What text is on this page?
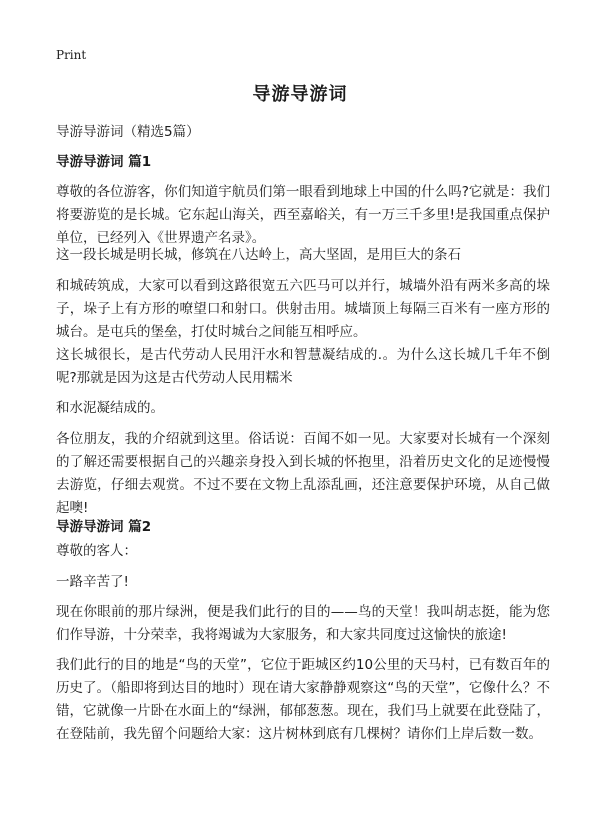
Print
导游导游词
导游导游词（精选5篇）
导游导游词 篇1
尊敬的各位游客，你们知道宇航员们第一眼看到地球上中国的什么吗?它就是：我们将要游览的是长城。它东起山海关，西至嘉峪关，有一万三千多里!是我国重点保护单位，已经列入《世界遗产名录》。
这一段长城是明长城，修筑在八达岭上，高大坚固，是用巨大的条石
和城砖筑成，大家可以看到这路很宽五六匹马可以并行，城墙外沿有两米多高的垛子，垛子上有方形的嘹望口和射口。供射击用。城墙顶上每隔三百米有一座方形的城台。是屯兵的堡垒，打仗时城台之间能互相呼应。
这长城很长，是古代劳动人民用汗水和智慧凝结成的.。为什么这长城几千年不倒呢?那就是因为这是古代劳动人民用糯米
和水泥凝结成的。
各位朋友，我的介绍就到这里。俗话说：百闻不如一见。大家要对长城有一个深刻的了解还需要根据自己的兴趣亲身投入到长城的怀抱里，沿着历史文化的足迹慢慢去游览，仔细去观赏。不过不要在文物上乱添乱画，还注意要保护环境，从自己做起噢!
导游导游词 篇2
尊敬的客人：
一路辛苦了!
现在你眼前的那片绿洲，便是我们此行的目的——鸟的天堂！我叫胡志挺，能为您们作导游，十分荣幸，我将竭诚为大家服务，和大家共同度过这愉快的旅途!
我们此行的目的地是“鸟的天堂”，它位于距城区约10公里的天马村，已有数百年的历史了。（船即将到达目的地时）现在请大家静静观察这“鸟的天堂”，它像什么？不错，它就像一片卧在水面上的“绿洲，郁郁葱葱。现在，我们马上就要在此登陆了，在登陆前，我先留个问题给大家：这片树林到底有几棵树？请你们上岸后数一数。
